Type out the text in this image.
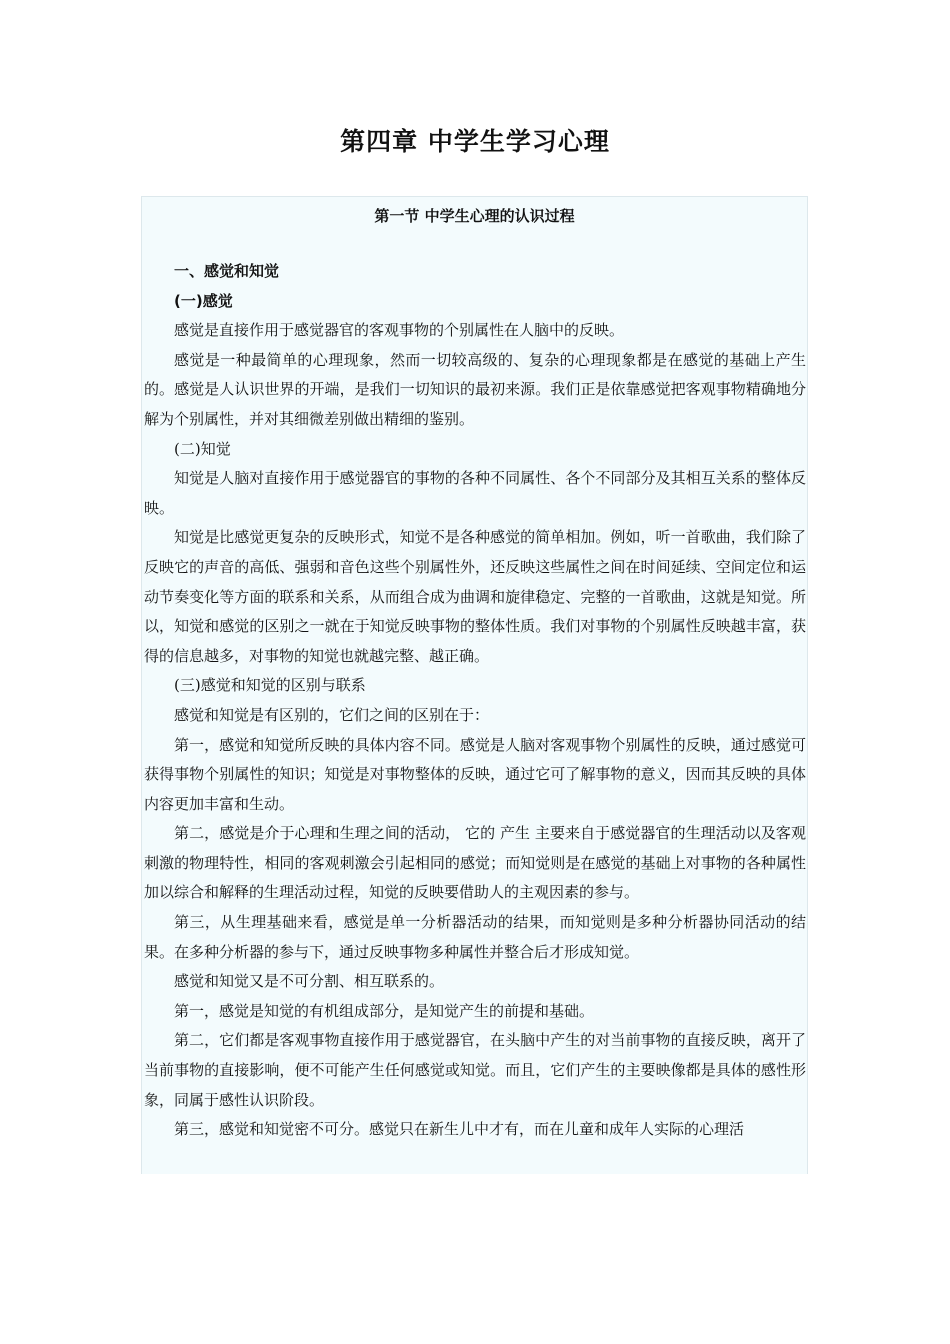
第四章 中学生学习心理
第一节 中学生心理的认识过程

一、感觉和知觉

(一)感觉

感觉是直接作用于感觉器官的客观事物的个别属性在人脑中的反映。

感觉是一种最简单的心理现象，然而一切较高级的、复杂的心理现象都是在感觉的基础上产生的。感觉是人认识世界的开端，是我们一切知识的最初来源。我们正是依靠感觉把客观事物精确地分解为个别属性，并对其细微差别做出精细的鉴别。

(二)知觉

知觉是人脑对直接作用于感觉器官的事物的各种不同属性、各个不同部分及其相互关系的整体反映。

知觉是比感觉更复杂的反映形式，知觉不是各种感觉的简单相加。例如，听一首歌曲，我们除了反映它的声音的高低、强弱和音色这些个别属性外，还反映这些属性之间在时间延续、空间定位和运动节奏变化等方面的联系和关系，从而组合成为曲调和旋律稳定、完整的一首歌曲，这就是知觉。所以，知觉和感觉的区别之一就在于知觉反映事物的整体性质。我们对事物的个别属性反映越丰富，获得的信息越多，对事物的知觉也就越完整、越正确。

(三)感觉和知觉的区别与联系

感觉和知觉是有区别的，它们之间的区别在于：

第一，感觉和知觉所反映的具体内容不同。感觉是人脑对客观事物个别属性的反映，通过感觉可获得事物个别属性的知识；知觉是对事物整体的反映，通过它可了解事物的意义，因而其反映的具体内容更加丰富和生动。

第二，感觉是介于心理和生理之间的活动， 它的 产生 主要来自于感觉器官的生理活动以及客观刺激的物理特性，相同的客观刺激会引起相同的感觉；而知觉则是在感觉的基础上对事物的各种属性加以综合和解释的生理活动过程，知觉的反映要借助人的主观因素的参与。

第三，从生理基础来看，感觉是单一分析器活动的结果，而知觉则是多种分析器协同活动的结果。在多种分析器的参与下，通过反映事物多种属性并整合后才形成知觉。

感觉和知觉又是不可分割、相互联系的。

第一，感觉是知觉的有机组成部分，是知觉产生的前提和基础。

第二，它们都是客观事物直接作用于感觉器官，在头脑中产生的对当前事物的直接反映，离开了当前事物的直接影响，便不可能产生任何感觉或知觉。而且，它们产生的主要映像都是具体的感性形象，同属于感性认识阶段。

第三，感觉和知觉密不可分。感觉只在新生儿中才有，而在儿童和成年人实际的心理活
